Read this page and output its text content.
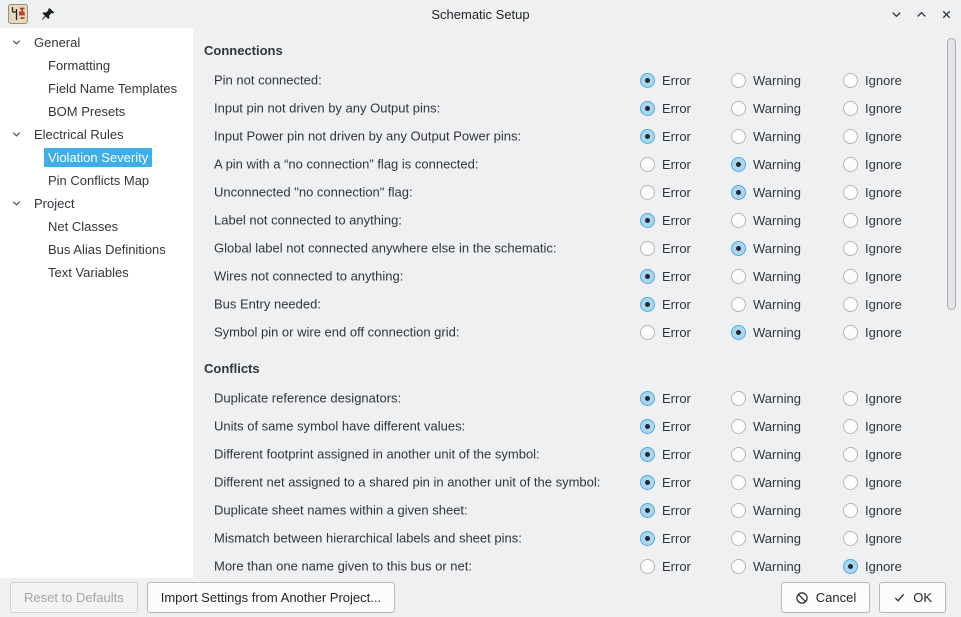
Schematic Setup
General
Formatting
Field Name Templates
BOM Presets
Electrical Rules
Violation Severity
Pin Conflicts Map
Project
Net Classes
Bus Alias Definitions
Text Variables
Connections
Pin not connected:	Error	Warning	Ignore
Input pin not driven by any Output pins:	Error	Warning	Ignore
Input Power pin not driven by any Output Power pins:	Error	Warning	Ignore
A pin with a “no connection” flag is connected:	Error	Warning	Ignore
Unconnected "no connection" flag:	Error	Warning	Ignore
Label not connected to anything:	Error	Warning	Ignore
Global label not connected anywhere else in the schematic:	Error	Warning	Ignore
Wires not connected to anything:	Error	Warning	Ignore
Bus Entry needed:	Error	Warning	Ignore
Symbol pin or wire end off connection grid:	Error	Warning	Ignore
Conflicts
Duplicate reference designators:	Error	Warning	Ignore
Units of same symbol have different values:	Error	Warning	Ignore
Different footprint assigned in another unit of the symbol:	Error	Warning	Ignore
Different net assigned to a shared pin in another unit of the symbol:	Error	Warning	Ignore
Duplicate sheet names within a given sheet:	Error	Warning	Ignore
Mismatch between hierarchical labels and sheet pins:	Error	Warning	Ignore
More than one name given to this bus or net:	Error	Warning	Ignore
Reset to Defaults	Import Settings from Another Project...	Cancel	OK
